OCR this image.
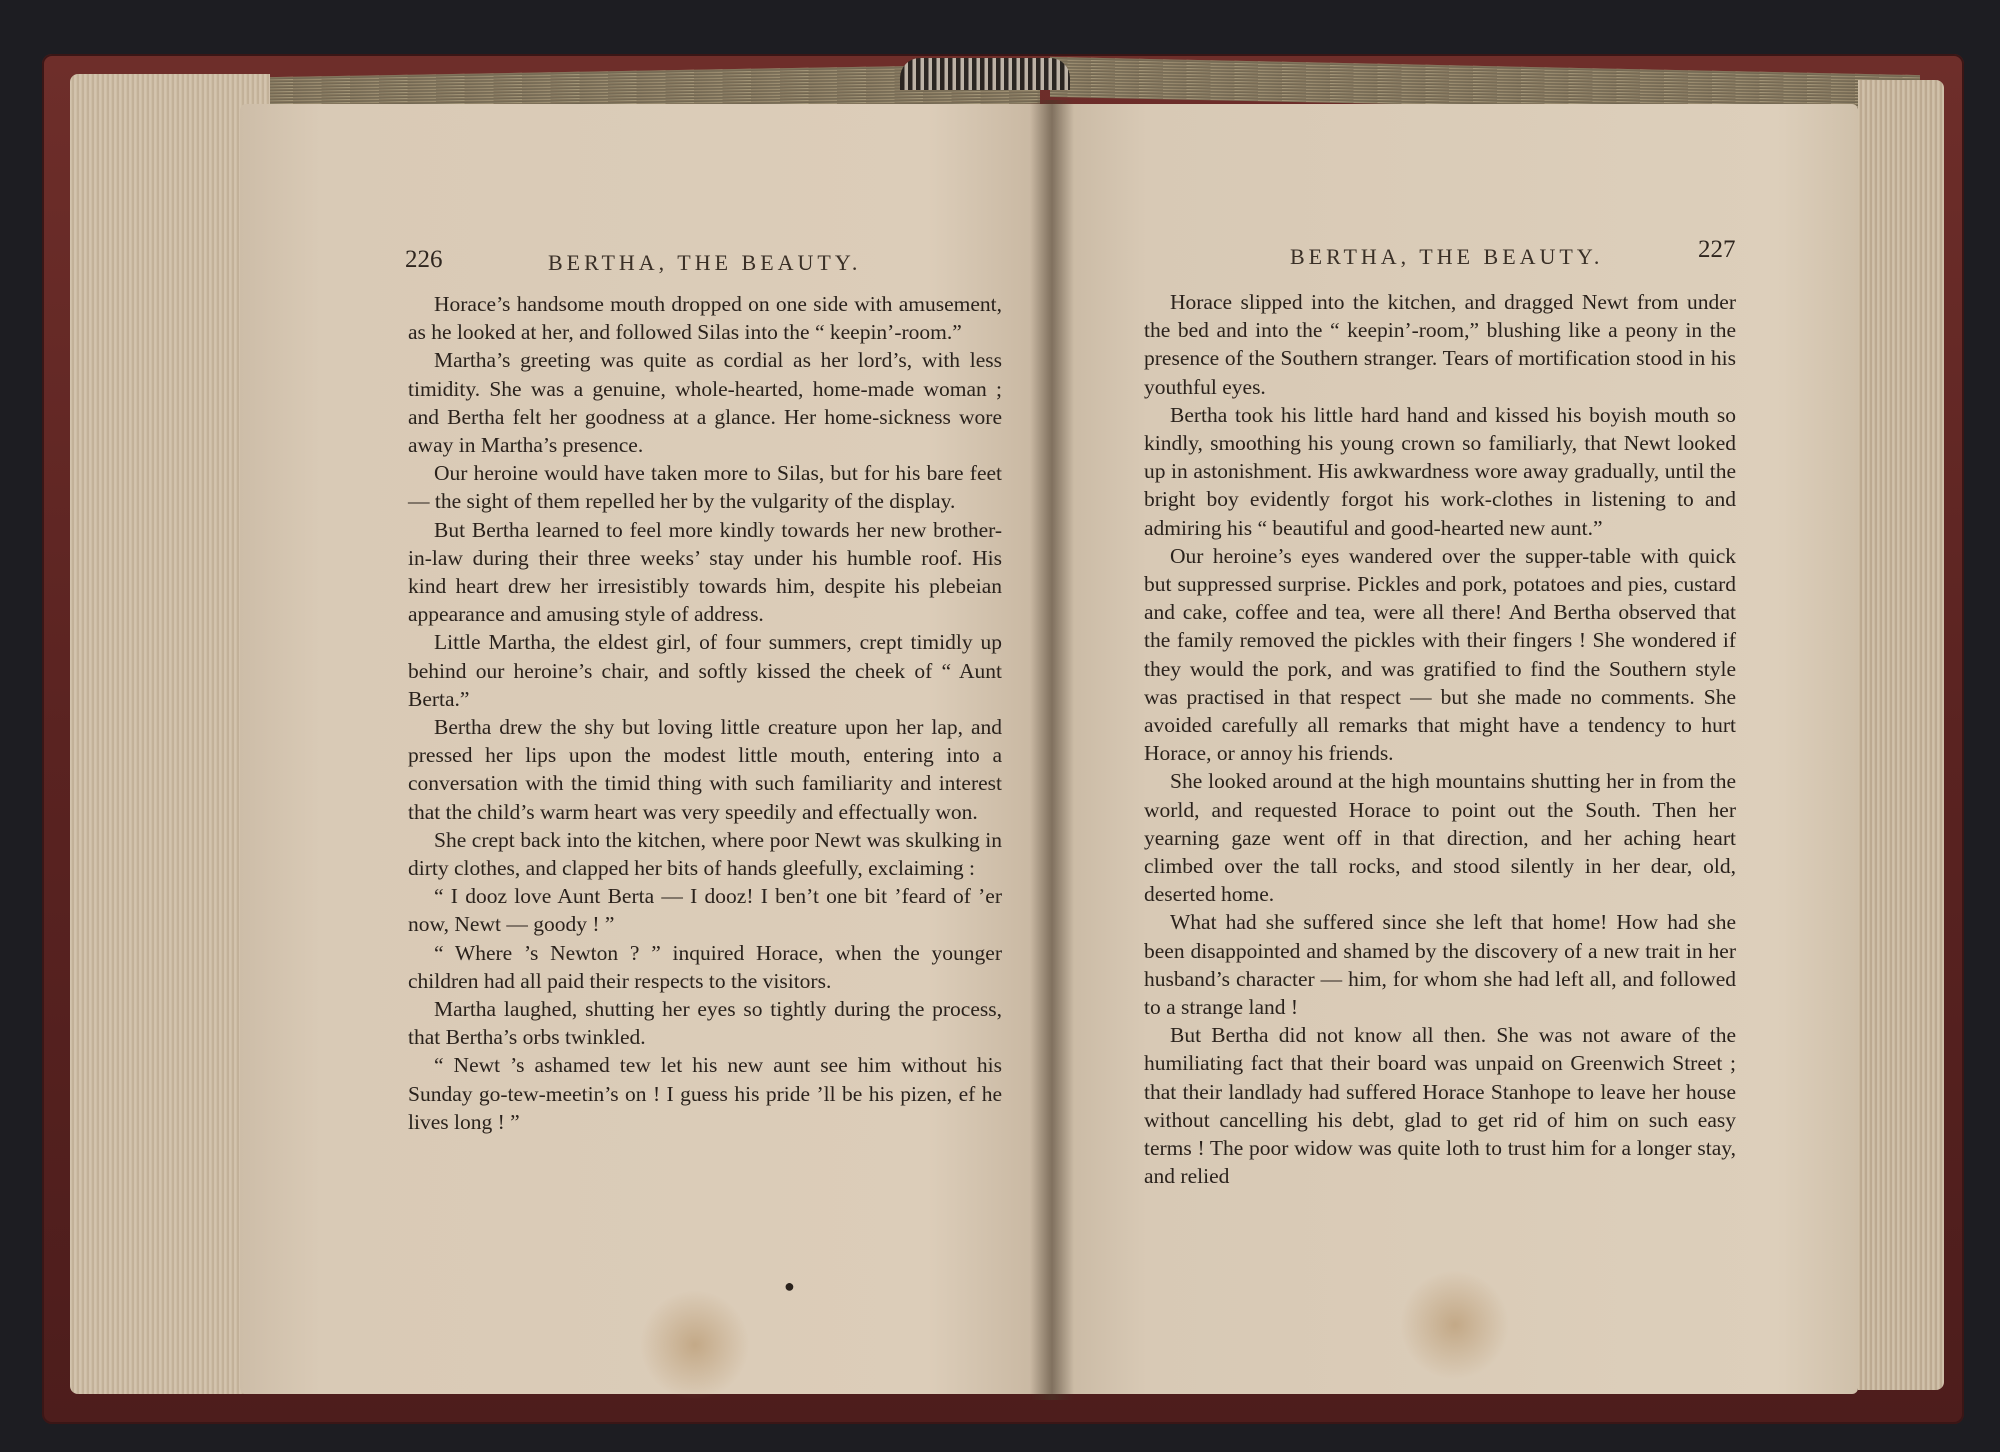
226	BERTHA, THE BEAUTY.

Horace’s handsome mouth dropped on one side with amusement, as he looked at her, and followed Silas into the “ keepin’-room.”

Martha’s greeting was quite as cordial as her lord’s, with less timidity. She was a genuine, whole-hearted, home-made woman ; and Bertha felt her goodness at a glance. Her home-sickness wore away in Martha’s presence.

Our heroine would have taken more to Silas, but for his bare feet — the sight of them repelled her by the vulgarity of the display.

But Bertha learned to feel more kindly towards her new brother-in-law during their three weeks’ stay under his humble roof. His kind heart drew her irresistibly towards him, despite his plebeian appearance and amusing style of address.

Little Martha, the eldest girl, of four summers, crept timidly up behind our heroine’s chair, and softly kissed the cheek of “ Aunt Berta.”

Bertha drew the shy but loving little creature upon her lap, and pressed her lips upon the modest little mouth, entering into a conversation with the timid thing with such familiarity and interest that the child’s warm heart was very speedily and effectually won.

She crept back into the kitchen, where poor Newt was skulking in dirty clothes, and clapped her bits of hands gleefully, exclaiming :

“ I dooz love Aunt Berta — I dooz! I ben’t one bit ’feard of ’er now, Newt — goody ! ”

“ Where ’s Newton ? ” inquired Horace, when the younger children had all paid their respects to the visitors.

Martha laughed, shutting her eyes so tightly during the process, that Bertha’s orbs twinkled.

“ Newt ’s ashamed tew let his new aunt see him without his Sunday go-tew-meetin’s on ! I guess his pride ’ll be his pizen, ef he lives long ! ”

●
BERTHA, THE BEAUTY.	227

Horace slipped into the kitchen, and dragged Newt from under the bed and into the “ keepin’-room,” blushing like a peony in the presence of the Southern stranger. Tears of mortification stood in his youthful eyes.

Bertha took his little hard hand and kissed his boyish mouth so kindly, smoothing his young crown so familiarly, that Newt looked up in astonishment. His awkwardness wore away gradually, until the bright boy evidently forgot his work-clothes in listening to and admiring his “ beautiful and good-hearted new aunt.”

Our heroine’s eyes wandered over the supper-table with quick but suppressed surprise. Pickles and pork, potatoes and pies, custard and cake, coffee and tea, were all there! And Bertha observed that the family removed the pickles with their fingers ! She wondered if they would the pork, and was gratified to find the Southern style was practised in that respect — but she made no comments. She avoided carefully all remarks that might have a tendency to hurt Horace, or annoy his friends.

She looked around at the high mountains shutting her in from the world, and requested Horace to point out the South. Then her yearning gaze went off in that direction, and her aching heart climbed over the tall rocks, and stood silently in her dear, old, deserted home.

What had she suffered since she left that home! How had she been disappointed and shamed by the discovery of a new trait in her husband’s character — him, for whom she had left all, and followed to a strange land !

But Bertha did not know all then. She was not aware of the humiliating fact that their board was unpaid on Greenwich Street ; that their landlady had suffered Horace Stanhope to leave her house without cancelling his debt, glad to get rid of him on such easy terms ! The poor widow was quite loth to trust him for a longer stay, and relied
